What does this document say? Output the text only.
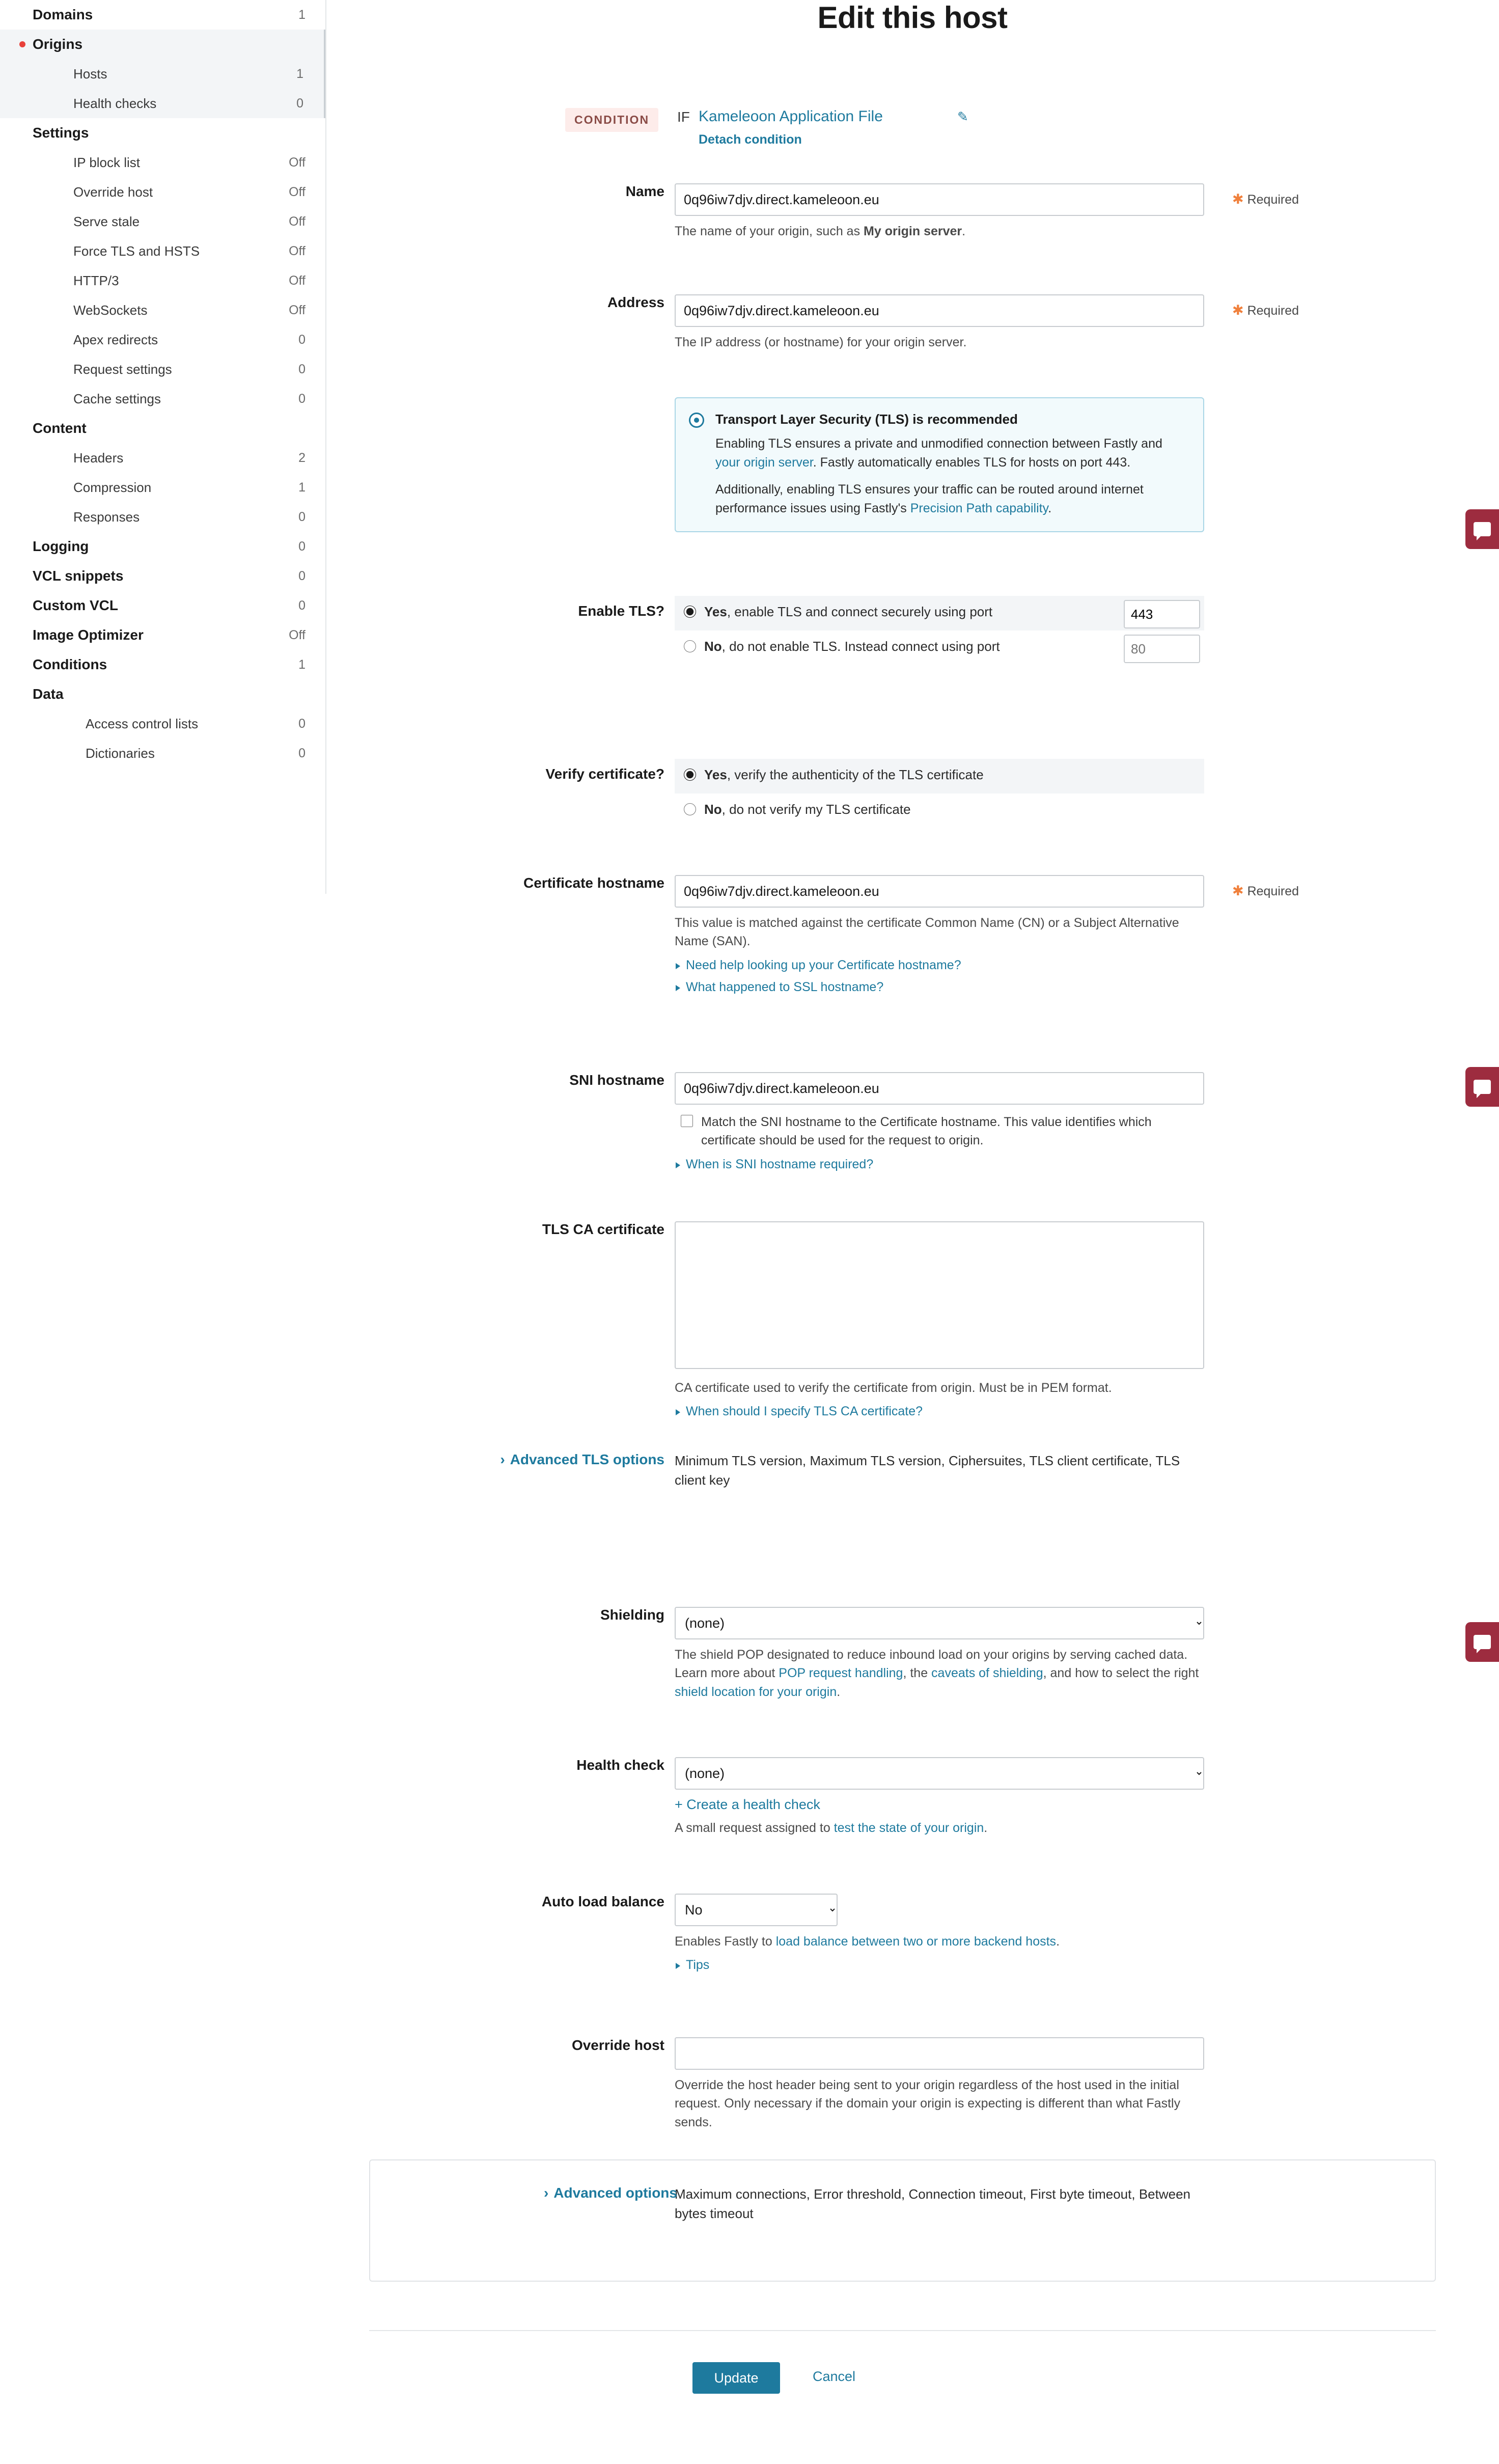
Domains	1
Origins
Hosts	1
Health checks	0
Settings
IP block list	Off
Override host	Off
Serve stale	Off
Force TLS and HSTS	Off
HTTP/3	Off
WebSockets	Off
Apex redirects	0
Request settings	0
Cache settings	0
Content
Headers	2
Compression	1
Responses	0
Logging	0
VCL snippets	0
Custom VCL	0
Image Optimizer	Off
Conditions	1
Data
Access control lists	0
Dictionaries	0
Edit this host
CONDITION	IF Kameleoon Application File	✎
Detach condition
Name
0q96iw7djv.direct.kameleoon.eu
The name of your origin, such as My origin server.
✱ Required
Address
0q96iw7djv.direct.kameleoon.eu
The IP address (or hostname) for your origin server.
✱ Required
Transport Layer Security (TLS) is recommended

Enabling TLS ensures a private and unmodified connection between Fastly and your origin server. Fastly automatically enables TLS for hosts on port 443.

Additionally, enabling TLS ensures your traffic can be routed around internet performance issues using Fastly's Precision Path capability.

Enable TLS?	Yes, enable TLS and connect securely using port
443
No, do not enable TLS. Instead connect using port
80
Verify certificate?	Yes, verify the authenticity of the TLS certificate
No, do not verify my TLS certificate
Certificate hostname
0q96iw7djv.direct.kameleoon.eu
This value is matched against the certificate Common Name (CN) or a Subject Alternative Name (SAN).
Need help looking up your Certificate hostname?
What happened to SSL hostname?
✱ Required
SNI hostname
0q96iw7djv.direct.kameleoon.eu
Match the SNI hostname to the Certificate hostname. This value identifies which certificate should be used for the request to origin.
When is SNI hostname required?
TLS CA certificate
CA certificate used to verify the certificate from origin. Must be in PEM format.
When should I specify TLS CA certificate?
› Advanced TLS options Minimum TLS version, Maximum TLS version, Ciphersuites, TLS client certificate, TLS client key
Shielding
(none)
The shield POP designated to reduce inbound load on your origins by serving cached data. Learn more about POP request handling, the caveats of shielding, and how to select the right shield location for your origin.
Health check
(none)
+ Create a health check
A small request assigned to test the state of your origin.
Auto load balance
No
Enables Fastly to load balance between two or more backend hosts.
Tips
Override host
Override the host header being sent to your origin regardless of the host used in the initial request. Only necessary if the domain your origin is expecting is different than what Fastly sends.
› Advanced options
Maximum connections, Error threshold, Connection timeout, First byte timeout, Between bytes timeout
Update	Cancel
